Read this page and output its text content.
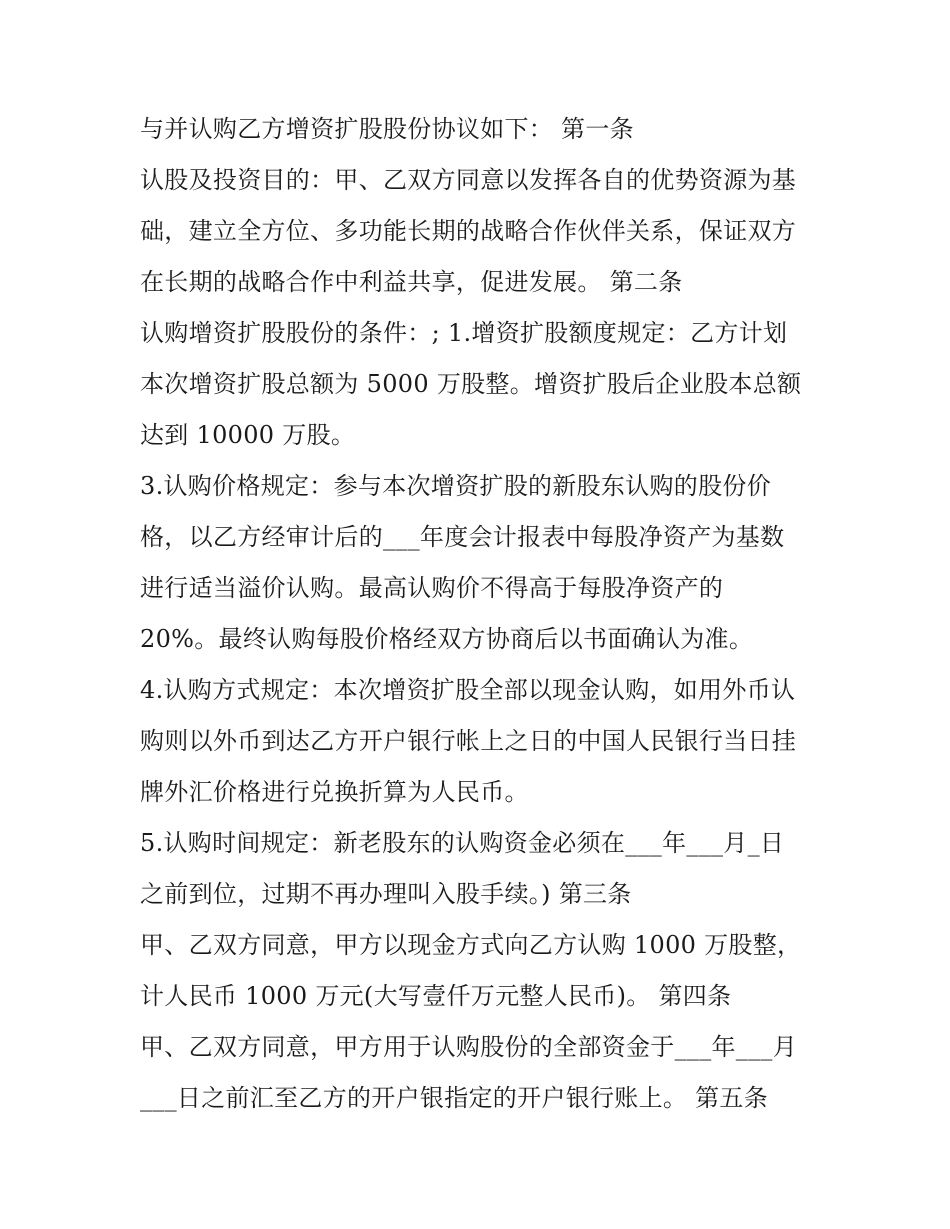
与并认购乙方增资扩股股份协议如下： 第一条
认股及投资目的：甲、乙双方同意以发挥各自的优势资源为基
础，建立全方位、多功能长期的战略合作伙伴关系，保证双方
在长期的战略合作中利益共享，促进发展。 第二条
认购增资扩股股份的条件：; 1.增资扩股额度规定：乙方计划
本次增资扩股总额为 5000 万股整。增资扩股后企业股本总额
达到 10000 万股。
3.认购价格规定：参与本次增资扩股的新股东认购的股份价
格，以乙方经审计后的___年度会计报表中每股净资产为基数
进行适当溢价认购。最高认购价不得高于每股净资产的
20%。最终认购每股价格经双方协商后以书面确认为准。
4.认购方式规定：本次增资扩股全部以现金认购，如用外币认
购则以外币到达乙方开户银行帐上之日的中国人民银行当日挂
牌外汇价格进行兑换折算为人民币。
5.认购时间规定：新老股东的认购资金必须在___年___月_日
之前到位，过期不再办理叫入股手续。) 第三条
甲、乙双方同意，甲方以现金方式向乙方认购 1000 万股整，
计人民币 1000 万元(大写壹仟万元整人民币)。 第四条
甲、乙双方同意，甲方用于认购股份的全部资金于___年___月
___日之前汇至乙方的开户银指定的开户银行账上。 第五条
